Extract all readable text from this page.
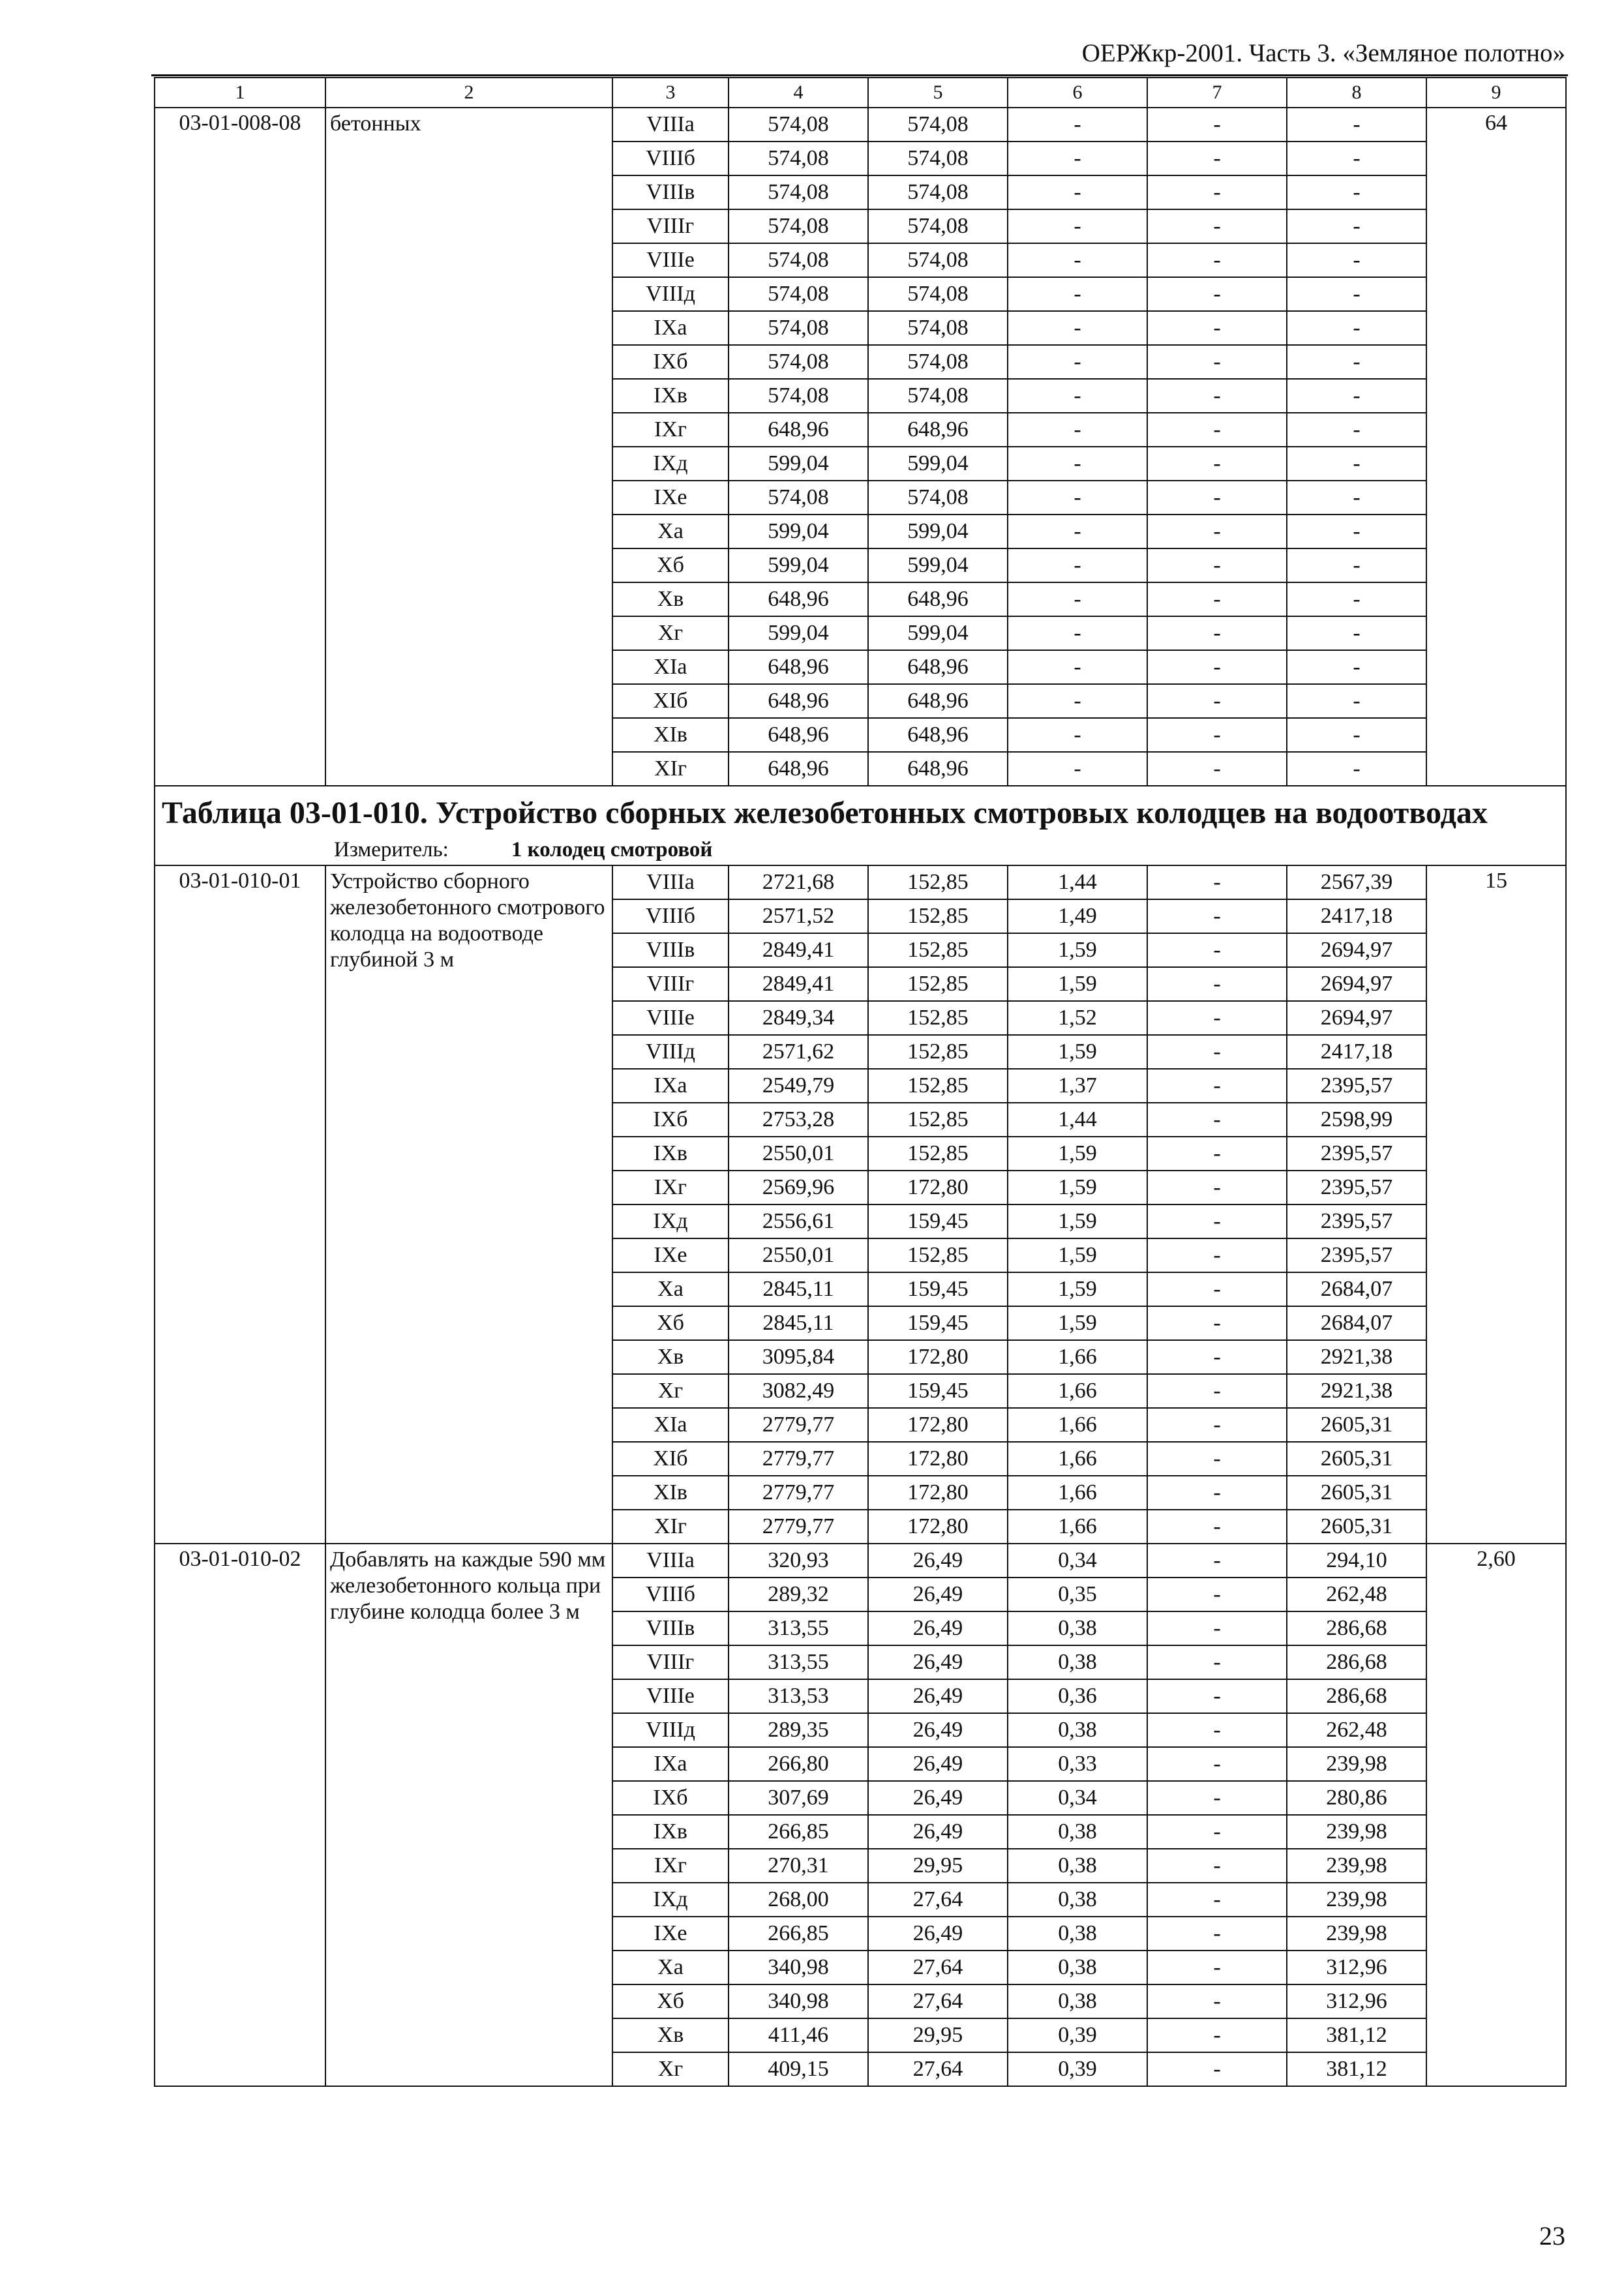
ОЕРЖкр-2001. Часть 3. «Земляное полотно»
1	2	3	4	5	6	7	8	9
03-01-008-08	бетонных	VIIIа	574,08	574,08	-	-	-	64
		VIIIб	574,08	574,08	-	-	-	
		VIIIв	574,08	574,08	-	-	-	
		VIIIг	574,08	574,08	-	-	-	
		VIIIе	574,08	574,08	-	-	-	
		VIIIд	574,08	574,08	-	-	-	
		IXа	574,08	574,08	-	-	-	
		IXб	574,08	574,08	-	-	-	
		IXв	574,08	574,08	-	-	-	
		IXг	648,96	648,96	-	-	-	
		IXд	599,04	599,04	-	-	-	
		IXе	574,08	574,08	-	-	-	
		Xа	599,04	599,04	-	-	-	
		Xб	599,04	599,04	-	-	-	
		Xв	648,96	648,96	-	-	-	
		Xг	599,04	599,04	-	-	-	
		XIа	648,96	648,96	-	-	-	
		XIб	648,96	648,96	-	-	-	
		XIв	648,96	648,96	-	-	-	
		XIг	648,96	648,96	-	-	-	

Таблица 03-01-010. Устройство сборных железобетонных смотровых колодцев на водоотводах
Измеритель: 1 колодец смотровой								

03-01-010-01	Устройство сборного железобетонного смотрового колодца на водоотводе глубиной 3 м	VIIIа	2721,68	152,85	1,44	-	2567,39	15
		VIIIб	2571,52	152,85	1,49	-	2417,18	
		VIIIв	2849,41	152,85	1,59	-	2694,97	
		VIIIг	2849,41	152,85	1,59	-	2694,97	
		VIIIе	2849,34	152,85	1,52	-	2694,97	
		VIIIд	2571,62	152,85	1,59	-	2417,18	
		IXа	2549,79	152,85	1,37	-	2395,57	
		IXб	2753,28	152,85	1,44	-	2598,99	
		IXв	2550,01	152,85	1,59	-	2395,57	
		IXг	2569,96	172,80	1,59	-	2395,57	
		IXд	2556,61	159,45	1,59	-	2395,57	
		IXе	2550,01	152,85	1,59	-	2395,57	
		Xа	2845,11	159,45	1,59	-	2684,07	
		Xб	2845,11	159,45	1,59	-	2684,07	
		Xв	3095,84	172,80	1,66	-	2921,38	
		Xг	3082,49	159,45	1,66	-	2921,38	
		XIа	2779,77	172,80	1,66	-	2605,31	
		XIб	2779,77	172,80	1,66	-	2605,31	
		XIв	2779,77	172,80	1,66	-	2605,31	
		XIг	2779,77	172,80	1,66	-	2605,31	
03-01-010-02	Добавлять на каждые 590 мм железобетонного кольца при глубине колодца более 3 м	VIIIа	320,93	26,49	0,34	-	294,10	2,60
		VIIIб	289,32	26,49	0,35	-	262,48	
		VIIIв	313,55	26,49	0,38	-	286,68	
		VIIIг	313,55	26,49	0,38	-	286,68	
		VIIIе	313,53	26,49	0,36	-	286,68	
		VIIIд	289,35	26,49	0,38	-	262,48	
		IXа	266,80	26,49	0,33	-	239,98	
		IXб	307,69	26,49	0,34	-	280,86	
		IXв	266,85	26,49	0,38	-	239,98	
		IXг	270,31	29,95	0,38	-	239,98	
		IXд	268,00	27,64	0,38	-	239,98	
		IXе	266,85	26,49	0,38	-	239,98	
		Xа	340,98	27,64	0,38	-	312,96	
		Xб	340,98	27,64	0,38	-	312,96	
		Xв	411,46	29,95	0,39	-	381,12	
		Xг	409,15	27,64	0,39	-	381,12	
23
